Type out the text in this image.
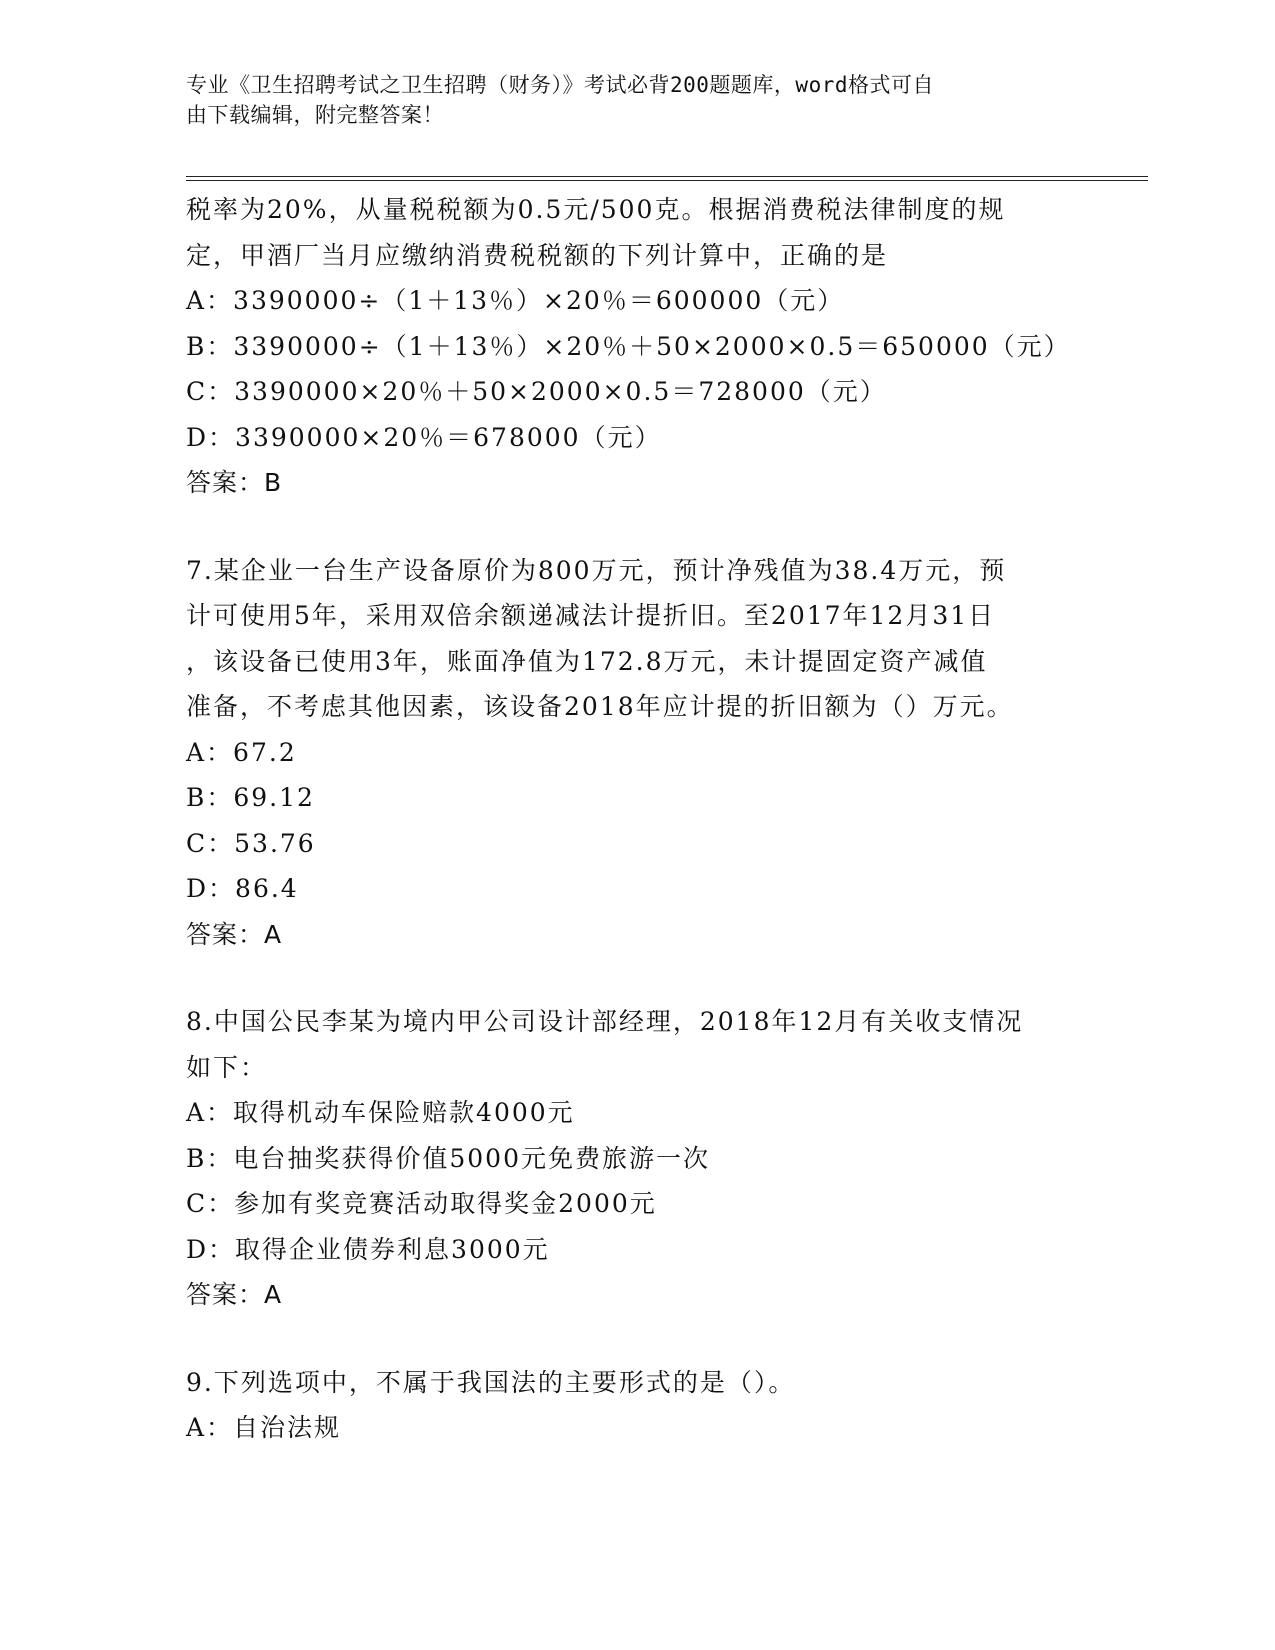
专业《卫生招聘考试之卫生招聘（财务）》考试必背200题题库，word格式可自
由下载编辑，附完整答案！
税率为20%，从量税税额为0.5元/500克。根据消费税法律制度的规
定，甲酒厂当月应缴纳消费税税额的下列计算中，正确的是
A：3390000÷（1＋13％）×20％＝600000（元）
B：3390000÷（1＋13％）×20％＋50×2000×0.5＝650000（元）
C：3390000×20％＋50×2000×0.5＝728000（元）
D：3390000×20％＝678000（元）
答案：B
7.某企业一台生产设备原价为800万元，预计净残值为38.4万元，预
计可使用5年，采用双倍余额递减法计提折旧。至2017年12月31日
，该设备已使用3年，账面净值为172.8万元，未计提固定资产减值
准备，不考虑其他因素，该设备2018年应计提的折旧额为（）万元。
A：67.2
B：69.12
C：53.76
D：86.4
答案：A
8.中国公民李某为境内甲公司设计部经理，2018年12月有关收支情况
如下：
A：取得机动车保险赔款4000元
B：电台抽奖获得价值5000元免费旅游一次
C：参加有奖竞赛活动取得奖金2000元
D：取得企业债券利息3000元
答案：A
9.下列选项中，不属于我国法的主要形式的是（）。
A：自治法规
